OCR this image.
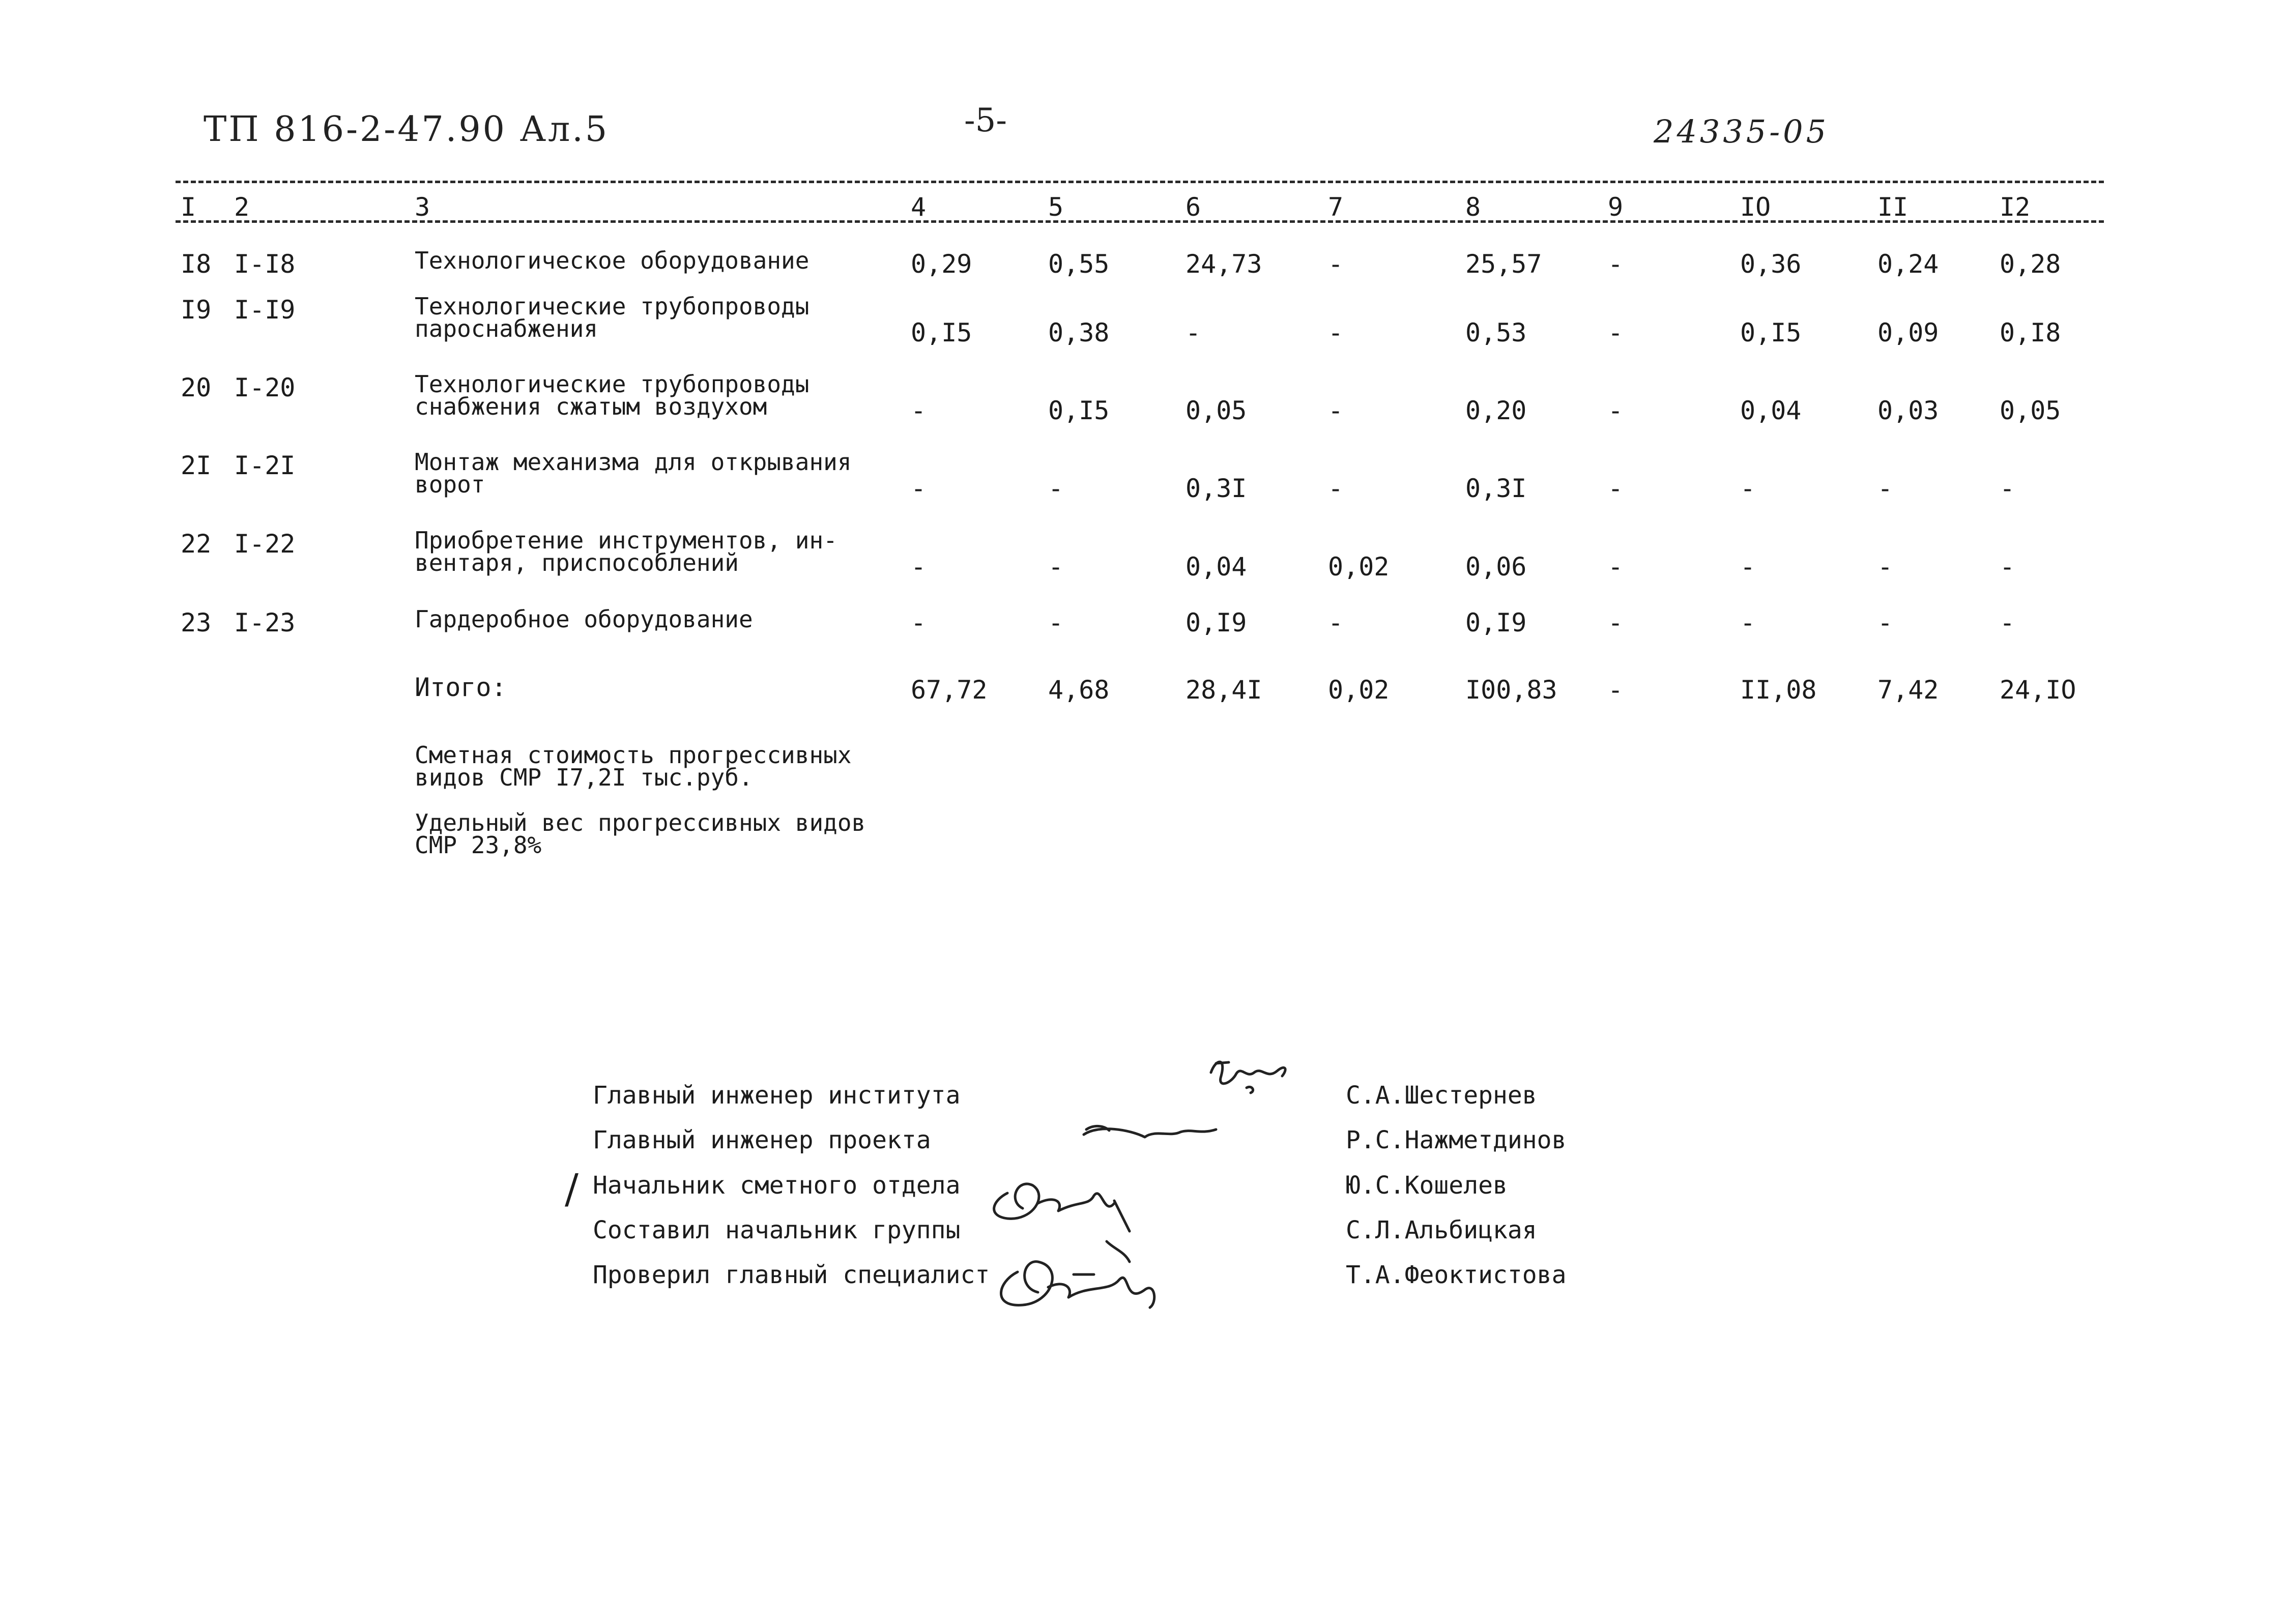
ТП 816-2-47.90 Ал.5	-5-	24335-05
I 2	3	4	5	6	7	8	9	IO	II	I2
I8 I-I8	Технологическое оборудование	0,29	0,55	24,73	-	25,57	-	0,36	0,24 0,28
I9 I-I9	Технологические трубопроводы
пароснабжения	0,I5	0,38	-	-	0,53	-	0,I5	0,09 0,I8
20 I-20	Технологические трубопроводы
снабжения сжатым воздухом	-	0,I5	0,05	-	0,20	-	0,04	0,03 0,05
2I I-2I	Монтаж механизма для открывания
ворот	-	-	0,3I	-	0,3I	-	-	-	-
22 I-22	Приобретение инструментов, ин-
вентаря, приспособлений	-	-	0,04	0,02	0,06	-	-	-	-
23 I-23	Гардеробное оборудование	-	-	0,I9	-	0,I9	-	-	-	-
Итого:	67,72 4,68	28,4I	0,02	I00,83 -	II,08 7,42 24,IO
Сметная стоимость прогрессивных видов СМР I7,2I тыс.руб.
Удельный вес прогрессивных видов СМР 23,8%
Главный инженер института	С.А.Шестернев
Главный инженер проекта	Р.С.Нажметдинов
Начальник сметного отдела	Ю.С.Кошелев
Составил начальник группы	С.Л.Альбицкая
Проверил главный специалист	Т.А.Феоктистова
/
